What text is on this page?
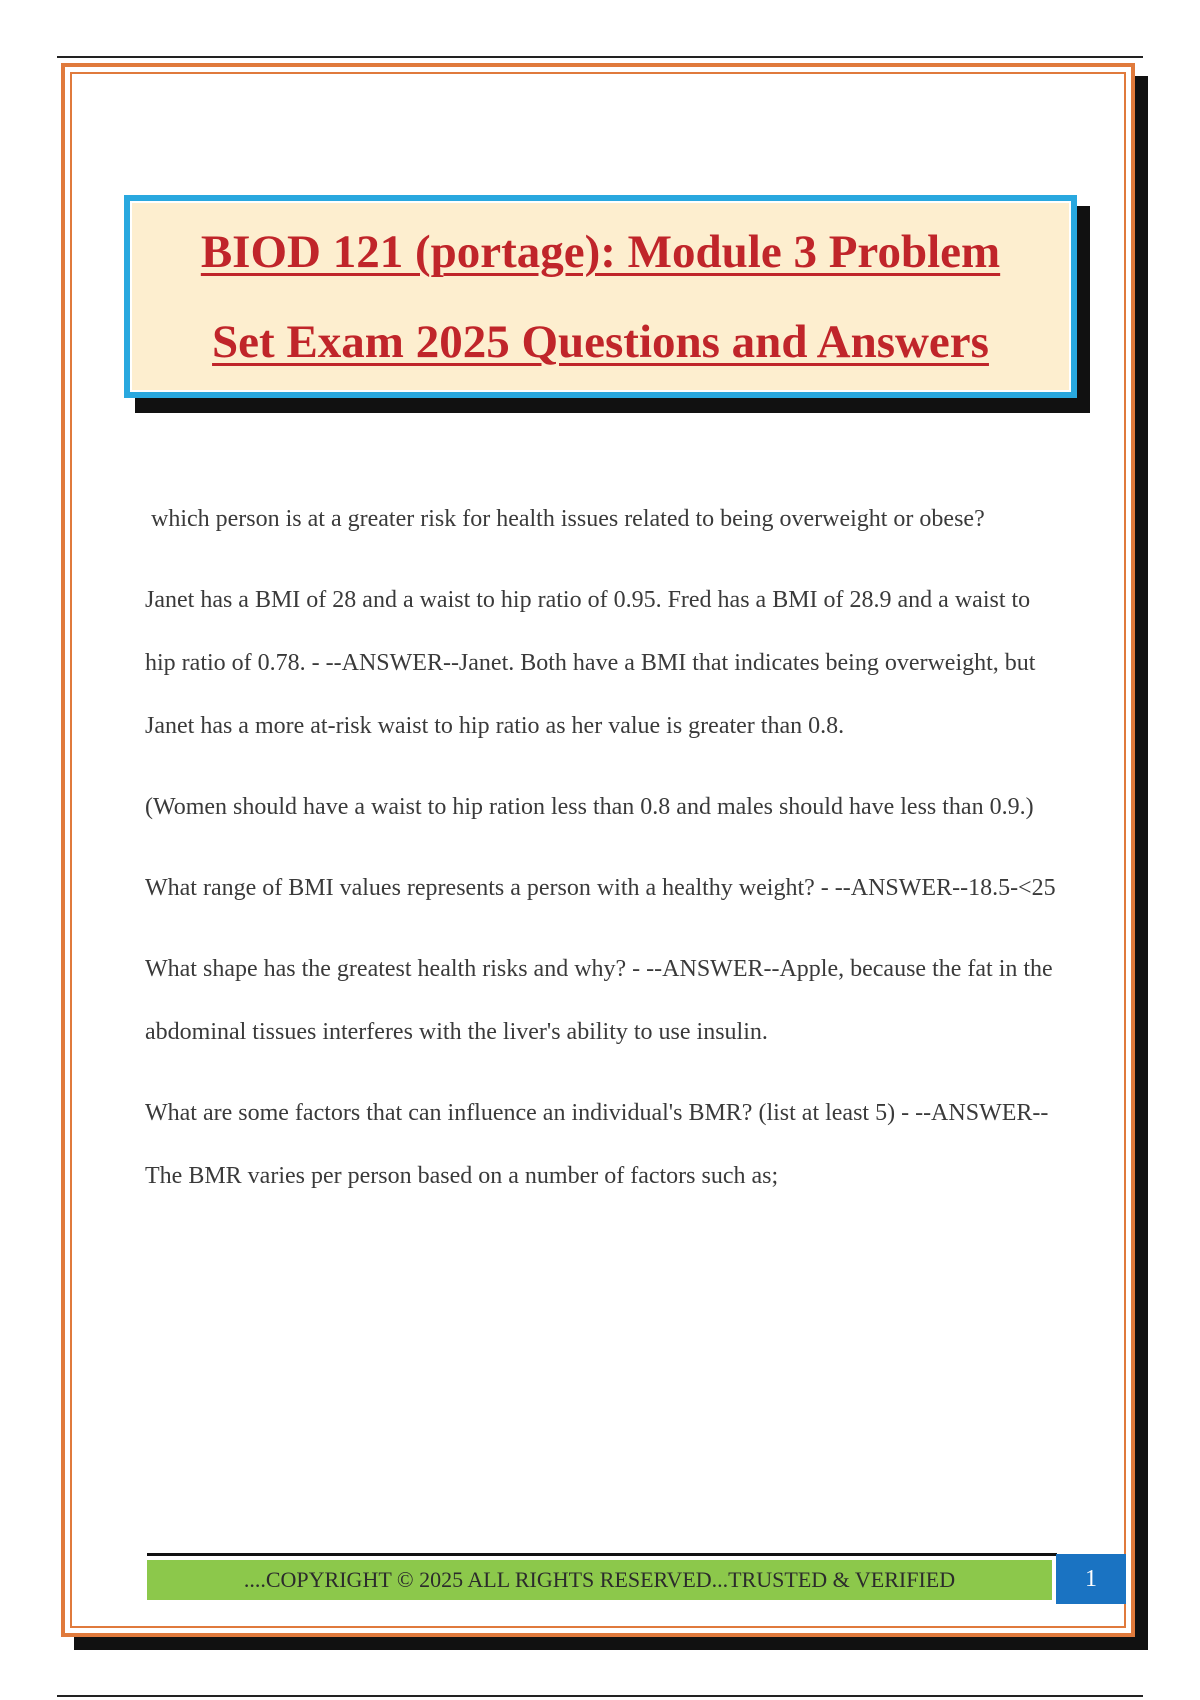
BIOD 121 (portage): Module 3 Problem
Set Exam 2025 Questions and Answers

which person is at a greater risk for health issues related to being overweight or obese?

Janet has a BMI of 28 and a waist to hip ratio of 0.95. Fred has a BMI of 28.9 and a waist to hip ratio of 0.78. - --ANSWER--Janet. Both have a BMI that indicates being overweight, but Janet has a more at-risk waist to hip ratio as her value is greater than 0.8.

(Women should have a waist to hip ration less than 0.8 and males should have less than 0.9.)

What range of BMI values represents a person with a healthy weight? - --ANSWER--18.5-<25

What shape has the greatest health risks and why? - --ANSWER--Apple, because the fat in the abdominal tissues interferes with the liver's ability to use insulin.

What are some factors that can influence an individual's BMR? (list at least 5) - --ANSWER--The BMR varies per person based on a number of factors such as;

....COPYRIGHT © 2025 ALL RIGHTS RESERVED...TRUSTED & VERIFIED	1
